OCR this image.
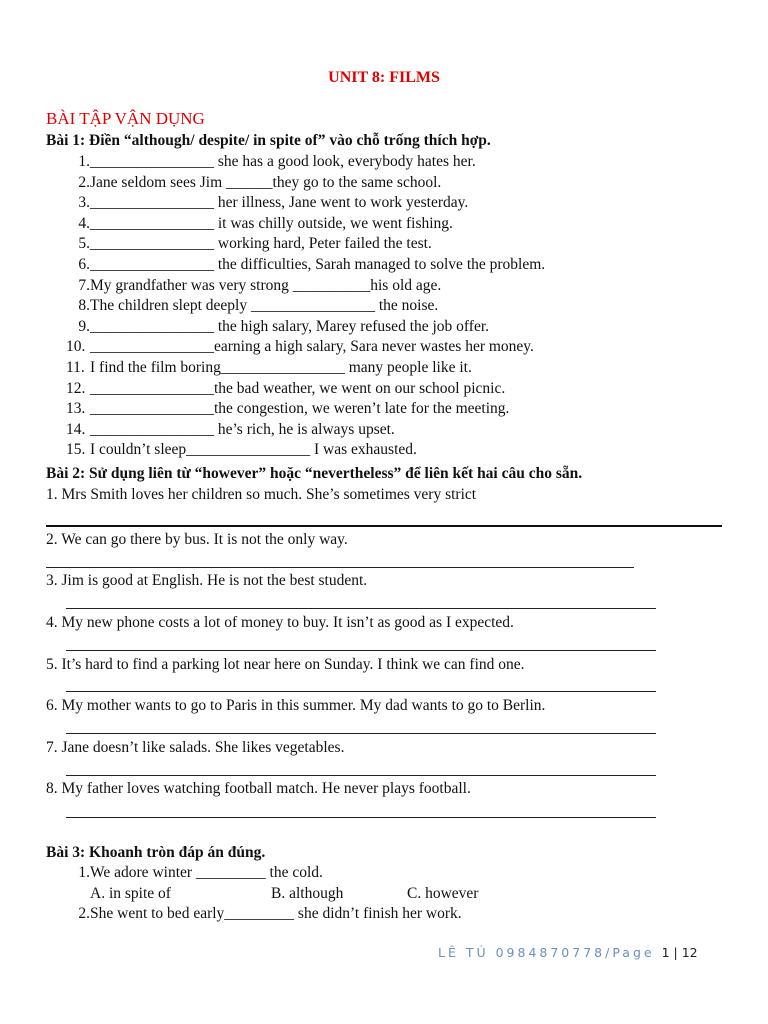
UNIT 8: FILMS
BÀI TẬP VẬN DỤNG
Bài 1: Điền “although/ despite/ in spite of” vào chỗ trống thích hợp.
1. ________________ she has a good look, everybody hates her.
2. Jane seldom sees Jim ______they go to the same school.
3. ________________ her illness, Jane went to work yesterday.
4. ________________ it was chilly outside, we went fishing.
5. ________________ working hard, Peter failed the test.
6. ________________ the difficulties, Sarah managed to solve the problem.
7. My grandfather was very strong __________his old age.
8. The children slept deeply ________________ the noise.
9. ________________ the high salary, Marey refused the job offer.
10. ________________earning a high salary, Sara never wastes her money.
11. I find the film boring________________ many people like it.
12. ________________the bad weather, we went on our school picnic.
13. ________________the congestion, we weren’t late for the meeting.
14. ________________ he’s rich, he is always upset.
15. I couldn’t sleep________________ I was exhausted.
Bài 2: Sử dụng liên từ “however” hoặc “nevertheless” để liên kết hai câu cho sẵn.
1. Mrs Smith loves her children so much. She’s sometimes very strict
2. We can go there by bus. It is not the only way.
3. Jim is good at English. He is not the best student.
4. My new phone costs a lot of money to buy. It isn’t as good as I expected.
5. It’s hard to find a parking lot near here on Sunday. I think we can find one.
6. My mother wants to go to Paris in this summer. My dad wants to go to Berlin.
7. Jane doesn’t like salads. She likes vegetables.
8. My father loves watching football match. He never plays football.
Bài 3: Khoanh tròn đáp án đúng.
1. We adore winter _________ the cold.
A. in spite of	B. although	C. however
2. She went to bed early_________ she didn’t finish her work.
LÊ TÚ 0984870778/Page 1 | 12
